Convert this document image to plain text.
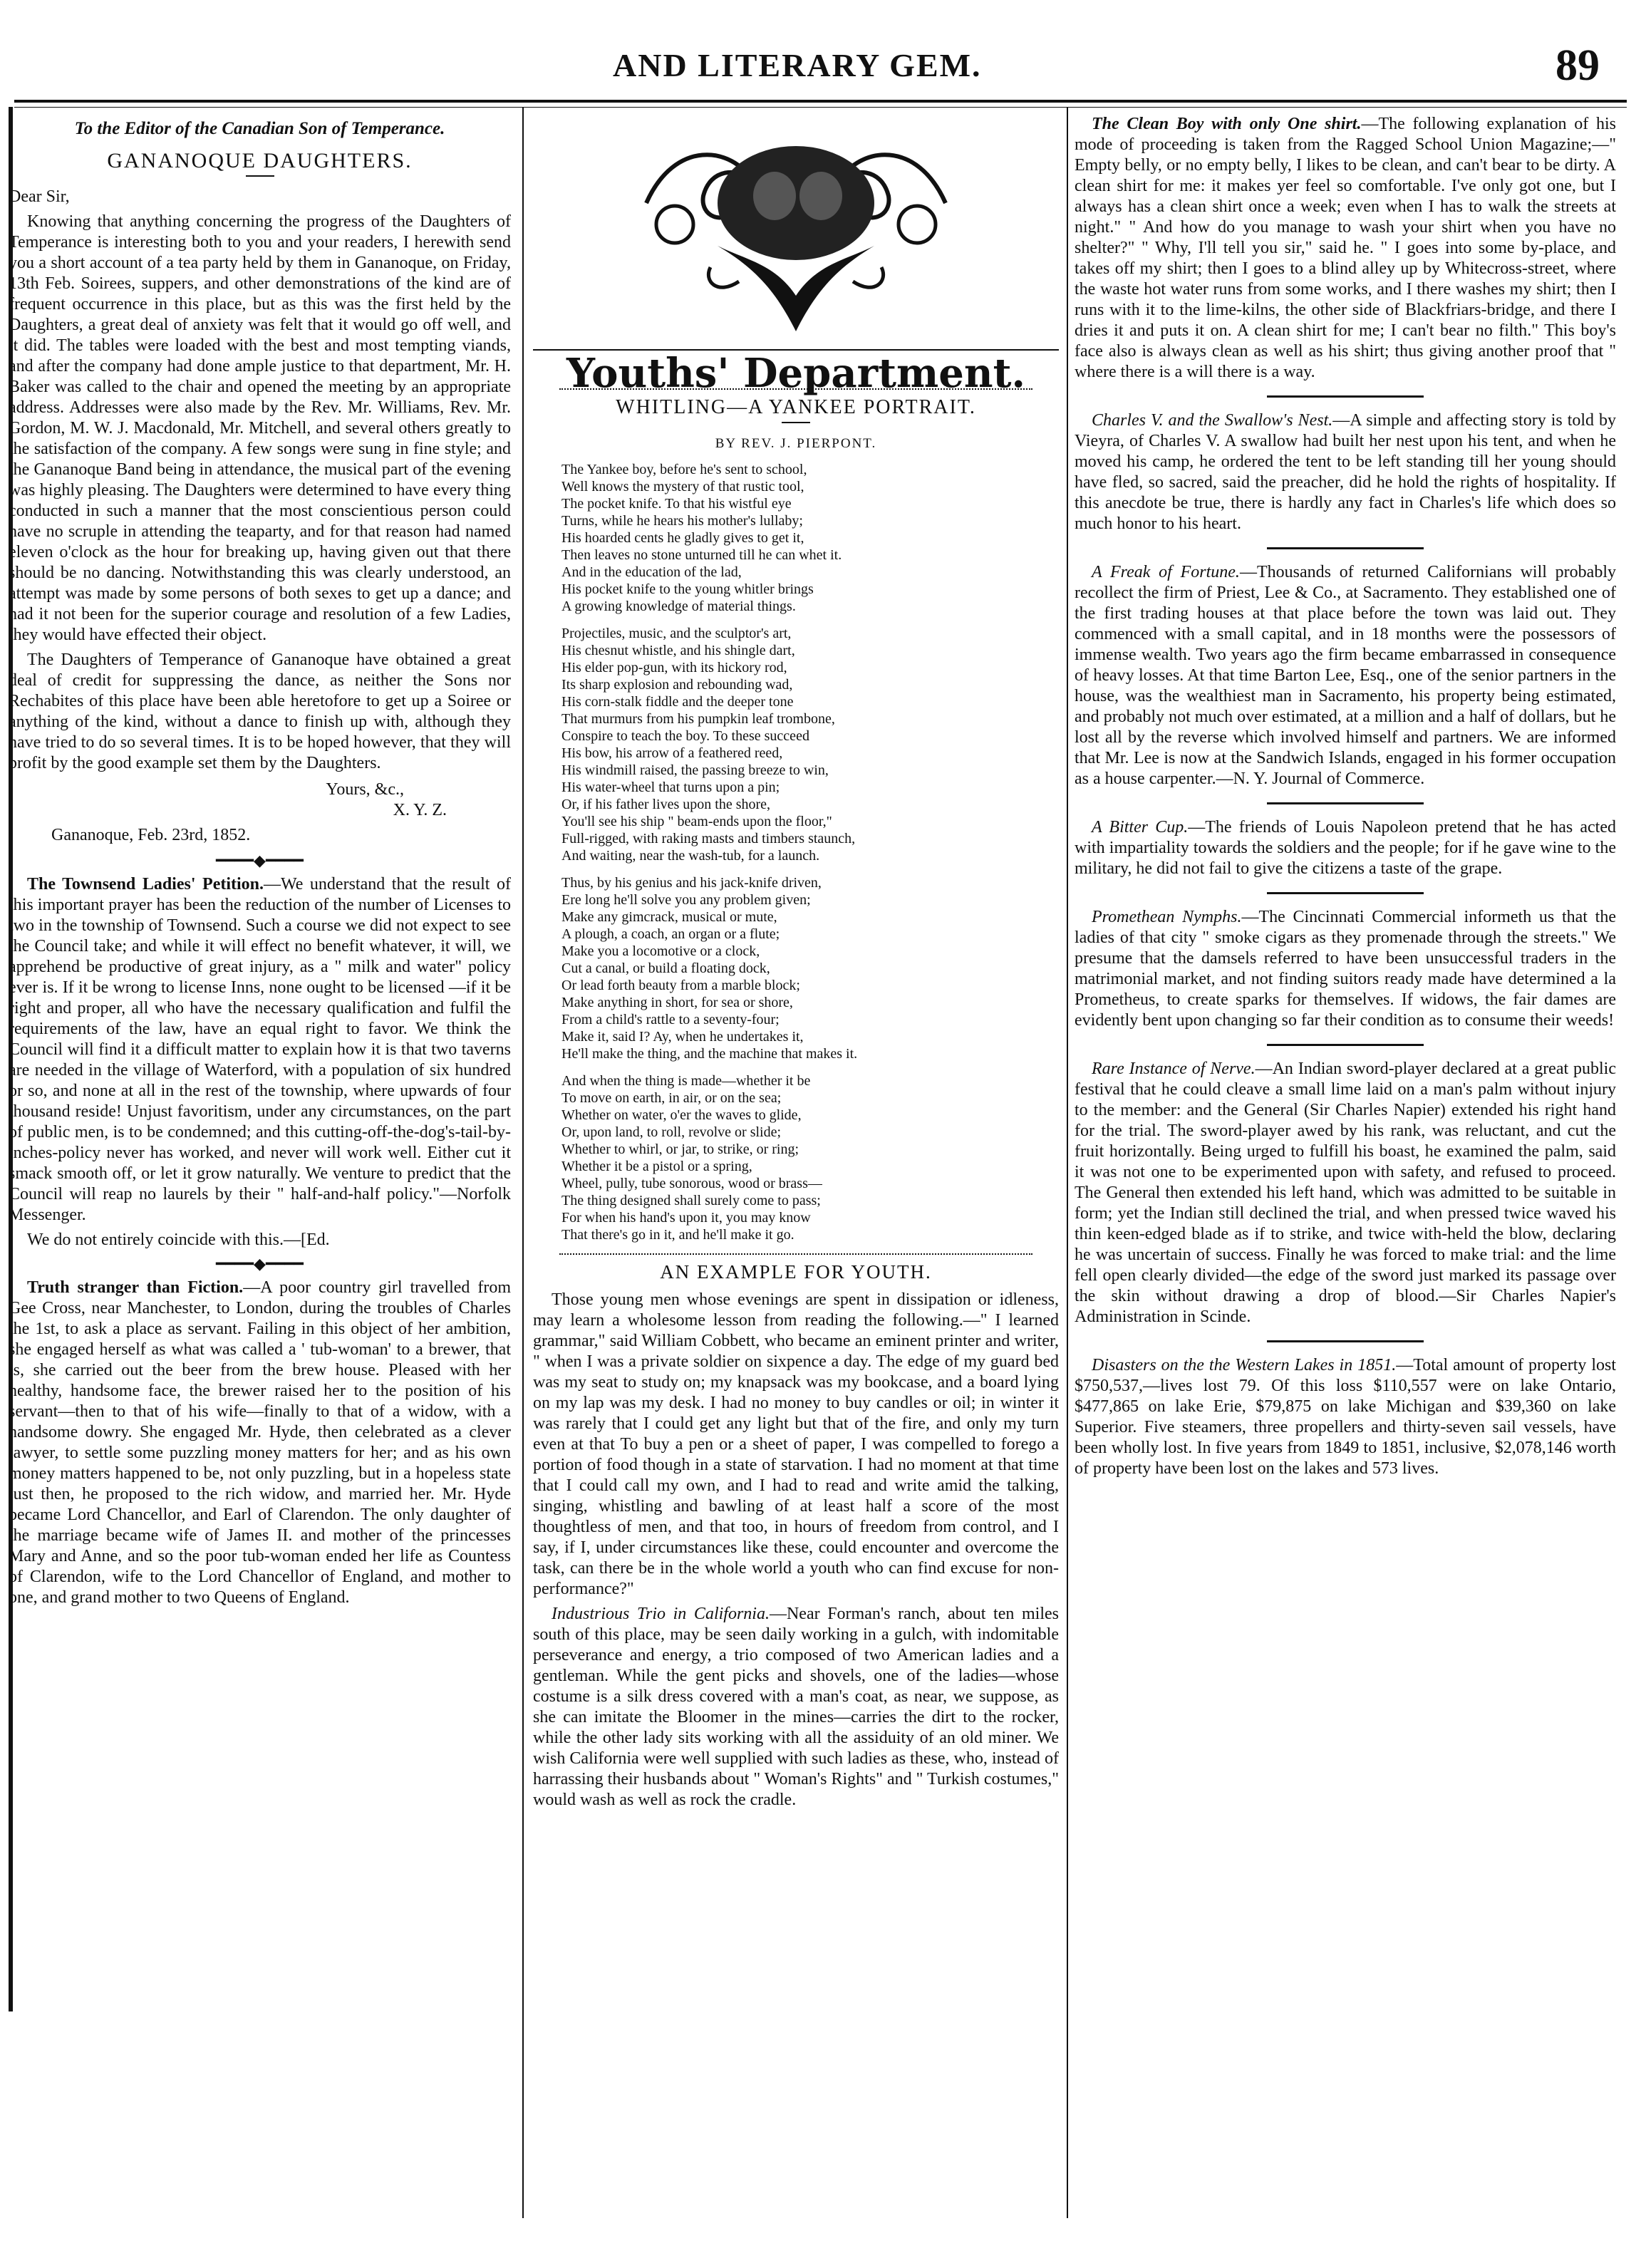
AND LITERARY GEM.	89
To the Editor of the Canadian Son of Temperance.
GANANOQUE DAUGHTERS.

Dear Sir,

Knowing that anything concerning the progress of the Daughters of Temperance is interesting both to you and your readers, I herewith send you a short account of a tea party held by them in Gananoque, on Friday, 13th Feb. Soirees, suppers, and other demonstrations of the kind are of frequent occurrence in this place, but as this was the first held by the Daughters, a great deal of anxiety was felt that it would go off well, and it did. The tables were loaded with the best and most tempting viands, and after the company had done ample justice to that department, Mr. H. Baker was called to the chair and opened the meeting by an appropriate address. Addresses were also made by the Rev. Mr. Williams, Rev. Mr. Gordon, M. W. J. Macdonald, Mr. Mitchell, and several others greatly to the satisfaction of the company. A few songs were sung in fine style; and the Gananoque Band being in attendance, the musical part of the evening was highly pleasing. The Daughters were determined to have every thing conducted in such a manner that the most conscientious person could have no scruple in attending the teaparty, and for that reason had named eleven o'clock as the hour for breaking up, having given out that there should be no dancing. Notwithstanding this was clearly understood, an attempt was made by some persons of both sexes to get up a dance; and had it not been for the superior courage and resolution of a few Ladies, they would have effected their object.

The Daughters of Temperance of Gananoque have obtained a great deal of credit for suppressing the dance, as neither the Sons nor Rechabites of this place have been able heretofore to get up a Soiree or anything of the kind, without a dance to finish up with, although they have tried to do so several times. It is to be hoped however, that they will profit by the good example set them by the Daughters.

Yours, &c.,
X. Y. Z.
Gananoque, Feb. 23rd, 1852.
━━━━◆━━━━

The Townsend Ladies' Petition.—We understand that the result of this important prayer has been the reduction of the number of Licenses to two in the township of Townsend. Such a course we did not expect to see the Council take; and while it will effect no benefit whatever, it will, we apprehend be productive of great injury, as a " milk and water" policy ever is. If it be wrong to license Inns, none ought to be licensed —if it be right and proper, all who have the necessary qualification and fulfil the requirements of the law, have an equal right to favor. We think the Council will find it a difficult matter to explain how it is that two taverns are needed in the village of Waterford, with a population of six hundred or so, and none at all in the rest of the township, where upwards of four thousand reside! Unjust favoritism, under any circumstances, on the part of public men, is to be condemned; and this cutting-off-the-dog's-tail-by-inches-policy never has worked, and never will work well. Either cut it smack smooth off, or let it grow naturally. We venture to predict that the Council will reap no laurels by their " half-and-half policy."—Norfolk Messenger.

We do not entirely coincide with this.—[Ed.

━━━━◆━━━━

Truth stranger than Fiction.—A poor country girl travelled from Gee Cross, near Manchester, to London, during the troubles of Charles the 1st, to ask a place as servant. Failing in this object of her ambition, she engaged herself as what was called a ' tub-woman' to a brewer, that is, she carried out the beer from the brew house. Pleased with her healthy, handsome face, the brewer raised her to the position of his servant—then to that of his wife—finally to that of a widow, with a handsome dowry. She engaged Mr. Hyde, then celebrated as a clever lawyer, to settle some puzzling money matters for her; and as his own money matters happened to be, not only puzzling, but in a hopeless state just then, he proposed to the rich widow, and married her. Mr. Hyde became Lord Chancellor, and Earl of Clarendon. The only daughter of the marriage became wife of James II. and mother of the princesses Mary and Anne, and so the poor tub-woman ended her life as Countess of Clarendon, wife to the Lord Chancellor of England, and mother to one, and grand mother to two Queens of England.

Youths' Department.
WHITLING—A YANKEE PORTRAIT.
BY REV. J. PIERPONT.
The Yankee boy, before he's sent to school,
Well knows the mystery of that rustic tool,
The pocket knife. To that his wistful eye
Turns, while he hears his mother's lullaby;
His hoarded cents he gladly gives to get it,
Then leaves no stone unturned till he can whet it.
And in the education of the lad,
His pocket knife to the young whitler brings
A growing knowledge of material things.
Projectiles, music, and the sculptor's art,
His chesnut whistle, and his shingle dart,
His elder pop-gun, with its hickory rod,
Its sharp explosion and rebounding wad,
His corn-stalk fiddle and the deeper tone
That murmurs from his pumpkin leaf trombone,
Conspire to teach the boy. To these succeed
His bow, his arrow of a feathered reed,
His windmill raised, the passing breeze to win,
His water-wheel that turns upon a pin;
Or, if his father lives upon the shore,
You'll see his ship " beam-ends upon the floor,"
Full-rigged, with raking masts and timbers staunch,
And waiting, near the wash-tub, for a launch.
Thus, by his genius and his jack-knife driven,
Ere long he'll solve you any problem given;
Make any gimcrack, musical or mute,
A plough, a coach, an organ or a flute;
Make you a locomotive or a clock,
Cut a canal, or build a floating dock,
Or lead forth beauty from a marble block;
Make anything in short, for sea or shore,
From a child's rattle to a seventy-four;
Make it, said I? Ay, when he undertakes it,
He'll make the thing, and the machine that makes it.
And when the thing is made—whether it be
To move on earth, in air, or on the sea;
Whether on water, o'er the waves to glide,
Or, upon land, to roll, revolve or slide;
Whether to whirl, or jar, to strike, or ring;
Whether it be a pistol or a spring,
Wheel, pully, tube sonorous, wood or brass—
The thing designed shall surely come to pass;
For when his hand's upon it, you may know
That there's go in it, and he'll make it go.
AN EXAMPLE FOR YOUTH.

Those young men whose evenings are spent in dissipation or idleness, may learn a wholesome lesson from reading the following.—" I learned grammar," said William Cobbett, who became an eminent printer and writer, " when I was a private soldier on sixpence a day. The edge of my guard bed was my seat to study on; my knapsack was my bookcase, and a board lying on my lap was my desk. I had no money to buy candles or oil; in winter it was rarely that I could get any light but that of the fire, and only my turn even at that To buy a pen or a sheet of paper, I was compelled to forego a portion of food though in a state of starvation. I had no moment at that time that I could call my own, and I had to read and write amid the talking, singing, whistling and bawling of at least half a score of the most thoughtless of men, and that too, in hours of freedom from control, and I say, if I, under circumstances like these, could encounter and overcome the task, can there be in the whole world a youth who can find excuse for non-performance?"

Industrious Trio in California.—Near Forman's ranch, about ten miles south of this place, may be seen daily working in a gulch, with indomitable perseverance and energy, a trio composed of two American ladies and a gentleman. While the gent picks and shovels, one of the ladies—whose costume is a silk dress covered with a man's coat, as near, we suppose, as she can imitate the Bloomer in the mines—carries the dirt to the rocker, while the other lady sits working with all the assiduity of an old miner. We wish California were well supplied with such ladies as these, who, instead of harrassing their husbands about " Woman's Rights" and " Turkish costumes," would wash as well as rock the cradle.

The Clean Boy with only One shirt.—The following explanation of his mode of proceeding is taken from the Ragged School Union Magazine;—" Empty belly, or no empty belly, I likes to be clean, and can't bear to be dirty. A clean shirt for me: it makes yer feel so comfortable. I've only got one, but I always has a clean shirt once a week; even when I has to walk the streets at night." " And how do you manage to wash your shirt when you have no shelter?" " Why, I'll tell you sir," said he. " I goes into some by-place, and takes off my shirt; then I goes to a blind alley up by Whitecross-street, where the waste hot water runs from some works, and I there washes my shirt; then I runs with it to the lime-kilns, the other side of Blackfriars-bridge, and there I dries it and puts it on. A clean shirt for me; I can't bear no filth." This boy's face also is always clean as well as his shirt; thus giving another proof that " where there is a will there is a way.

Charles V. and the Swallow's Nest.—A simple and affecting story is told by Vieyra, of Charles V. A swallow had built her nest upon his tent, and when he moved his camp, he ordered the tent to be left standing till her young should have fled, so sacred, said the preacher, did he hold the rights of hospitality. If this anecdote be true, there is hardly any fact in Charles's life which does so much honor to his heart.

A Freak of Fortune.—Thousands of returned Californians will probably recollect the firm of Priest, Lee & Co., at Sacramento. They established one of the first trading houses at that place before the town was laid out. They commenced with a small capital, and in 18 months were the possessors of immense wealth. Two years ago the firm became embarrassed in consequence of heavy losses. At that time Barton Lee, Esq., one of the senior partners in the house, was the wealthiest man in Sacramento, his property being estimated, and probably not much over estimated, at a million and a half of dollars, but he lost all by the reverse which involved himself and partners. We are informed that Mr. Lee is now at the Sandwich Islands, engaged in his former occupation as a house carpenter.—N. Y. Journal of Commerce.

A Bitter Cup.—The friends of Louis Napoleon pretend that he has acted with impartiality towards the soldiers and the people; for if he gave wine to the military, he did not fail to give the citizens a taste of the grape.

Promethean Nymphs.—The Cincinnati Commercial informeth us that the ladies of that city " smoke cigars as they promenade through the streets." We presume that the damsels referred to have been unsuccessful traders in the matrimonial market, and not finding suitors ready made have determined a la Prometheus, to create sparks for themselves. If widows, the fair dames are evidently bent upon changing so far their condition as to consume their weeds!

Rare Instance of Nerve.—An Indian sword-player declared at a great public festival that he could cleave a small lime laid on a man's palm without injury to the member: and the General (Sir Charles Napier) extended his right hand for the trial. The sword-player awed by his rank, was reluctant, and cut the fruit horizontally. Being urged to fulfill his boast, he examined the palm, said it was not one to be experimented upon with safety, and refused to proceed. The General then extended his left hand, which was admitted to be suitable in form; yet the Indian still declined the trial, and when pressed twice waved his thin keen-edged blade as if to strike, and twice with-held the blow, declaring he was uncertain of success. Finally he was forced to make trial: and the lime fell open clearly divided—the edge of the sword just marked its passage over the skin without drawing a drop of blood.—Sir Charles Napier's Administration in Scinde.

Disasters on the the Western Lakes in 1851.—Total amount of property lost $750,537,—lives lost 79. Of this loss $110,557 were on lake Ontario, $477,865 on lake Erie, $79,875 on lake Michigan and $39,360 on lake Superior. Five steamers, three propellers and thirty-seven sail vessels, have been wholly lost. In five years from 1849 to 1851, inclusive, $2,078,146 worth of property have been lost on the lakes and 573 lives.
